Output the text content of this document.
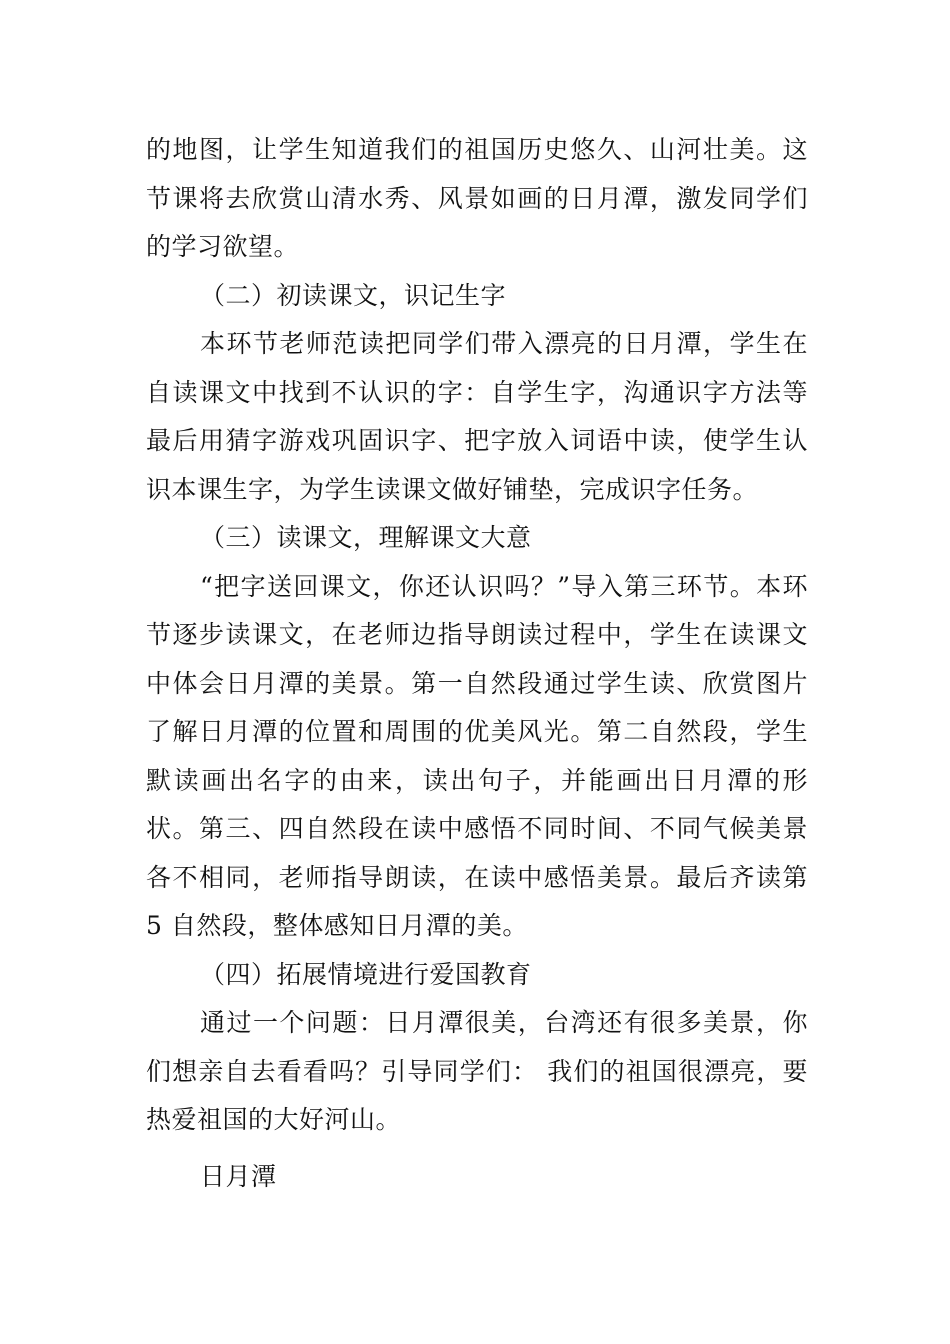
的地图，让学生知道我们的祖国历史悠久、山河壮美。这节课将去欣赏山清水秀、风景如画的日月潭，激发同学们的学习欲望。

（二）初读课文，识记生字

本环节老师范读把同学们带入漂亮的日月潭，学生在自读课文中找到不认识的字：自学生字，沟通识字方法等最后用猜字游戏巩固识字、把字放入词语中读，使学生认识本课生字，为学生读课文做好铺垫，完成识字任务。

（三）读课文，理解课文大意

“把字送回课文，你还认识吗？”导入第三环节。本环节逐步读课文，在老师边指导朗读过程中，学生在读课文中体会日月潭的美景。第一自然段通过学生读、欣赏图片了解日月潭的位置和周围的优美风光。第二自然段，学生默读画出名字的由来，读出句子，并能画出日月潭的形状。第三、四自然段在读中感悟不同时间、不同气候美景各不相同，老师指导朗读，在读中感悟美景。最后齐读第 5 自然段，整体感知日月潭的美。

（四）拓展情境进行爱国教育

通过一个问题：日月潭很美，台湾还有很多美景，你们想亲自去看看吗？引导同学们： 我们的祖国很漂亮，要热爱祖国的大好河山。

日月潭
